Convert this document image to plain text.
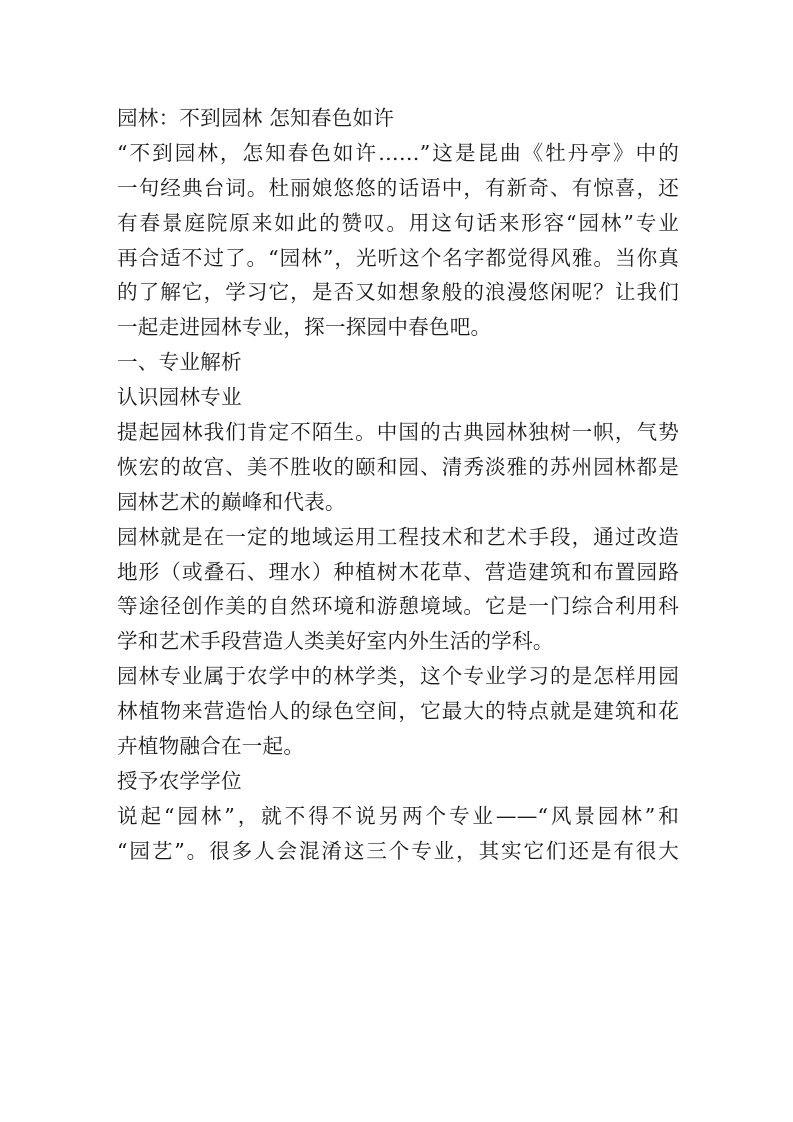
园林：不到园林 怎知春色如许
“不到园林，怎知春色如许……”这是昆曲《牡丹亭》中的
一句经典台词。杜丽娘悠悠的话语中，有新奇、有惊喜，还
有春景庭院原来如此的赞叹。用这句话来形容“园林”专业
再合适不过了。“园林”，光听这个名字都觉得风雅。当你真
的了解它，学习它，是否又如想象般的浪漫悠闲呢？让我们
一起走进园林专业，探一探园中春色吧。
一、专业解析
认识园林专业
提起园林我们肯定不陌生。中国的古典园林独树一帜，气势
恢宏的故宫、美不胜收的颐和园、清秀淡雅的苏州园林都是
园林艺术的巅峰和代表。
园林就是在一定的地域运用工程技术和艺术手段，通过改造
地形（或叠石、理水）种植树木花草、营造建筑和布置园路
等途径创作美的自然环境和游憩境域。它是一门综合利用科
学和艺术手段营造人类美好室内外生活的学科。
园林专业属于农学中的林学类，这个专业学习的是怎样用园
林植物来营造怡人的绿色空间，它最大的特点就是建筑和花
卉植物融合在一起。
授予农学学位
说起“园林”，就不得不说另两个专业——“风景园林”和
“园艺”。很多人会混淆这三个专业，其实它们还是有很大
